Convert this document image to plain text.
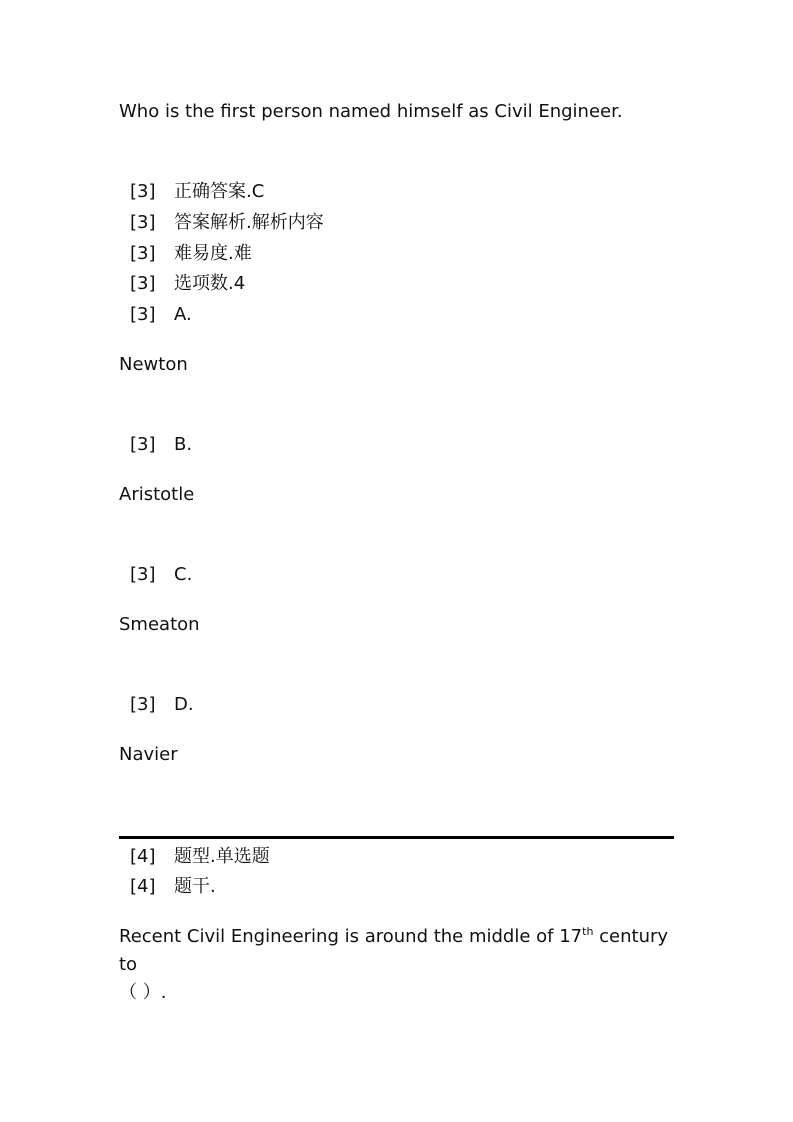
Who is the first person named himself as Civil Engineer.
[3] 正确答案.C
[3] 答案解析.解析内容
[3] 难易度.难
[3] 选项数.4
[3] A.
Newton
[3] B.
Aristotle
[3] C.
Smeaton
[3] D.
Navier
[4] 题型.单选题
[4] 题干.
Recent Civil Engineering is around the middle of 17th century to
（ ）.
